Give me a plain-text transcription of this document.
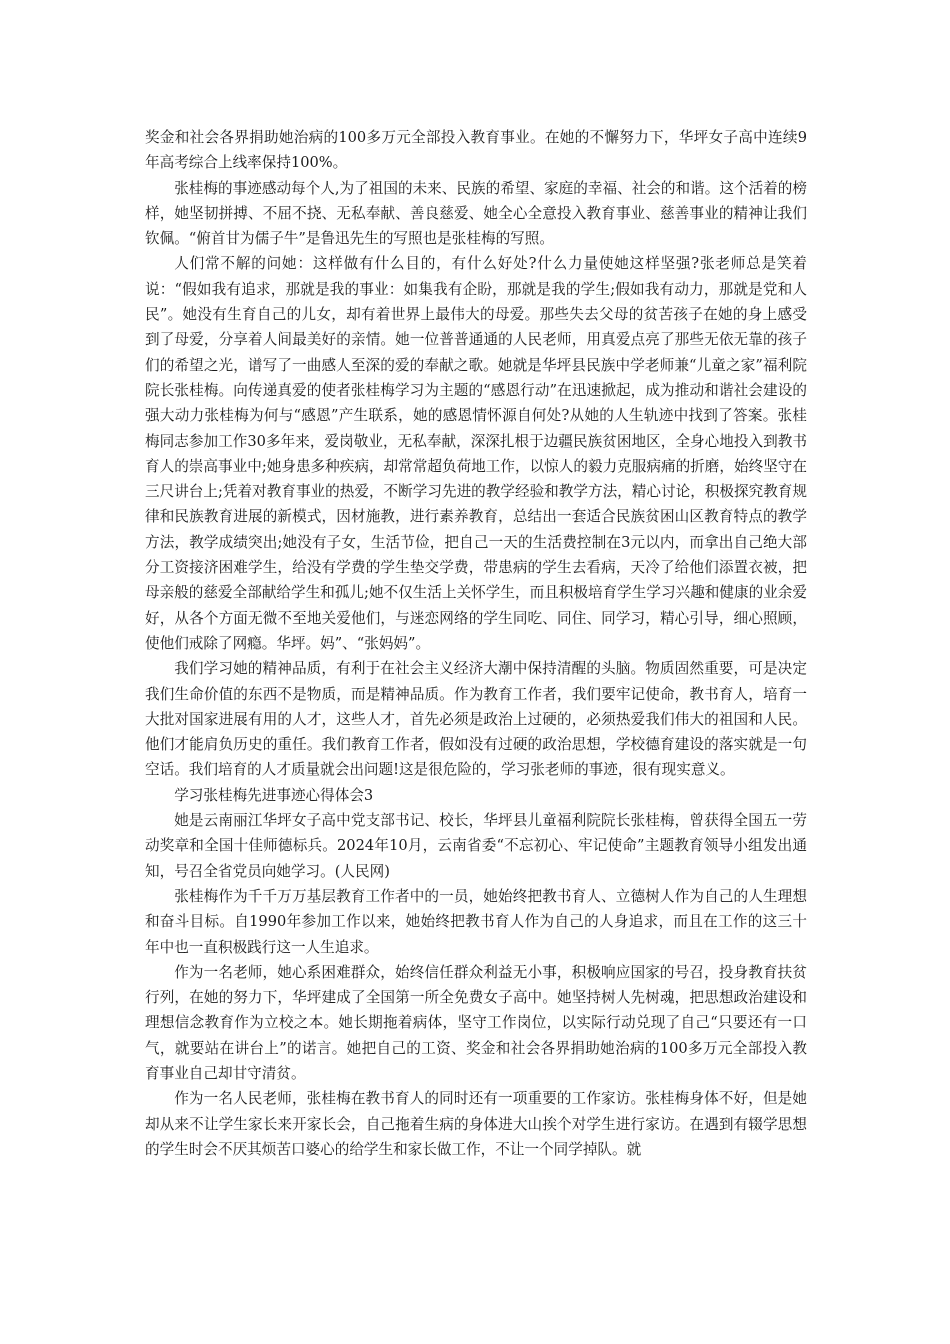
奖金和社会各界捐助她治病的100多万元全部投入教育事业。在她的不懈努力下，华坪女子高中连续9年高考综合上线率保持100%。

张桂梅的事迹感动每个人,为了祖国的未来、民族的希望、家庭的幸福、社会的和谐。这个活着的榜样，她坚韧拼搏、不屈不挠、无私奉献、善良慈爱、她全心全意投入教育事业、慈善事业的精神让我们钦佩。“俯首甘为儒子牛”是鲁迅先生的写照也是张桂梅的写照。

人们常不解的问她：这样做有什么目的，有什么好处?什么力量使她这样坚强?张老师总是笑着说：“假如我有追求，那就是我的事业：如集我有企盼，那就是我的学生;假如我有动力，那就是党和人民”。她没有生育自己的儿女，却有着世界上最伟大的母爱。那些失去父母的贫苦孩子在她的身上感受到了母爱，分享着人间最美好的亲情。她一位普普通通的人民老师，用真爱点亮了那些无依无靠的孩子们的希望之光，谱写了一曲感人至深的爱的奉献之歌。她就是华坪县民族中学老师兼“儿童之家”福利院院长张桂梅。向传递真爱的使者张桂梅学习为主题的“感恩行动”在迅速掀起，成为推动和谐社会建设的强大动力张桂梅为何与“感恩”产生联系，她的感恩情怀源自何处?从她的人生轨迹中找到了答案。张桂梅同志参加工作30多年来，爱岗敬业，无私奉献，深深扎根于边疆民族贫困地区，全身心地投入到教书育人的崇高事业中;她身患多种疾病，却常常超负荷地工作，以惊人的毅力克服病痛的折磨，始终坚守在三尺讲台上;凭着对教育事业的热爱，不断学习先进的教学经验和教学方法，精心讨论，积极探究教育规律和民族教育进展的新模式，因材施教，进行素养教育，总结出一套适合民族贫困山区教育特点的教学方法，教学成绩突出;她没有子女，生活节俭，把自己一天的生活费控制在3元以内，而拿出自己绝大部分工资接济困难学生，给没有学费的学生垫交学费，带患病的学生去看病，天冷了给他们添置衣被，把母亲般的慈爱全部献给学生和孤儿;她不仅生活上关怀学生，而且积极培育学生学习兴趣和健康的业余爱好，从各个方面无微不至地关爱他们，与迷恋网络的学生同吃、同住、同学习，精心引导，细心照顾，使他们戒除了网瘾。华坪。妈”、“张妈妈”。

我们学习她的精神品质，有利于在社会主义经济大潮中保持清醒的头脑。物质固然重要，可是决定我们生命价值的东西不是物质，而是精神品质。作为教育工作者，我们要牢记使命，教书育人，培育一大批对国家进展有用的人才，这些人才，首先必须是政治上过硬的，必须热爱我们伟大的祖国和人民。他们才能肩负历史的重任。我们教育工作者，假如没有过硬的政治思想，学校德育建设的落实就是一句空话。我们培育的人才质量就会出问题!这是很危险的，学习张老师的事迹，很有现实意义。

学习张桂梅先进事迹心得体会3

她是云南丽江华坪女子高中党支部书记、校长，华坪县儿童福利院院长张桂梅，曾获得全国五一劳动奖章和全国十佳师德标兵。2024年10月，云南省委“不忘初心、牢记使命”主题教育领导小组发出通知，号召全省党员向她学习。(人民网)

张桂梅作为千千万万基层教育工作者中的一员，她始终把教书育人、立德树人作为自己的人生理想和奋斗目标。自1990年参加工作以来，她始终把教书育人作为自己的人身追求，而且在工作的这三十年中也一直积极践行这一人生追求。

作为一名老师，她心系困难群众，始终信任群众利益无小事，积极响应国家的号召，投身教育扶贫行列，在她的努力下，华坪建成了全国第一所全免费女子高中。她坚持树人先树魂，把思想政治建设和理想信念教育作为立校之本。她长期拖着病体，坚守工作岗位，以实际行动兑现了自己“只要还有一口气，就要站在讲台上”的诺言。她把自己的工资、奖金和社会各界捐助她治病的100多万元全部投入教育事业自己却甘守清贫。

作为一名人民老师，张桂梅在教书育人的同时还有一项重要的工作家访。张桂梅身体不好，但是她却从来不让学生家长来开家长会，自己拖着生病的身体进大山挨个对学生进行家访。在遇到有辍学思想的学生时会不厌其烦苦口婆心的给学生和家长做工作，不让一个同学掉队。就
